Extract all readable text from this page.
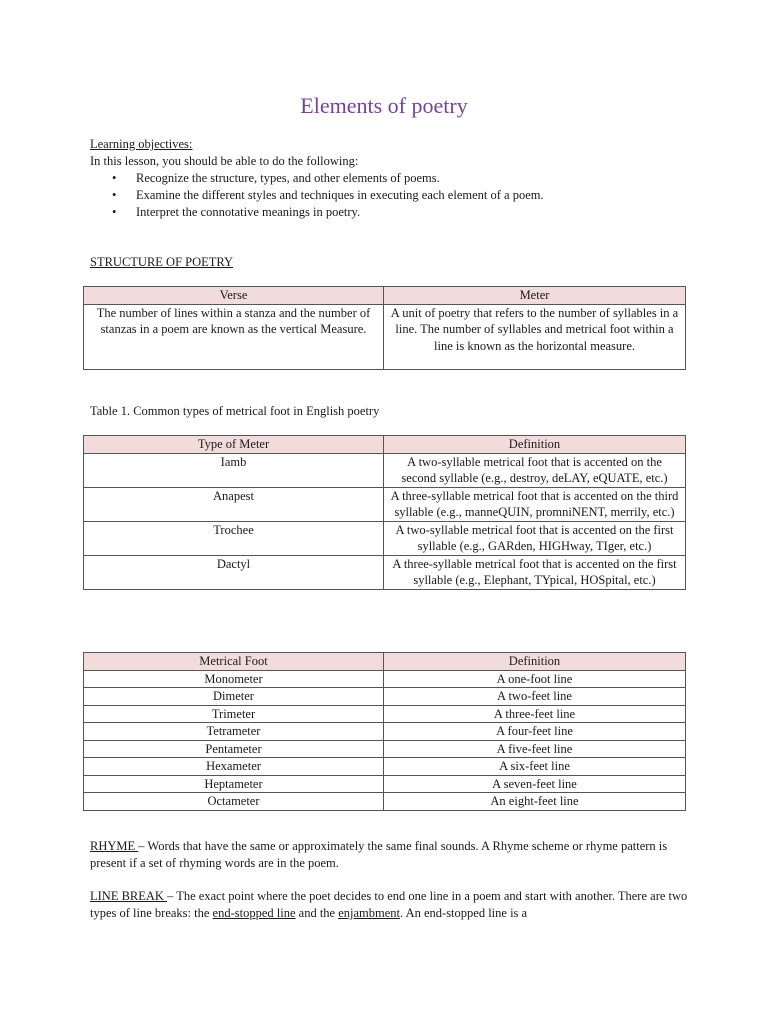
Elements of poetry
Learning objectives:
In this lesson, you should be able to do the following:
• Recognize the structure, types, and other elements of poems.
• Examine the different styles and techniques in executing each element of a poem.
• Interpret the connotative meanings in poetry.
STRUCTURE OF POETRY
Verse	Meter
The number of lines within a stanza and the number of stanzas in a poem are known as the vertical Measure.	A unit of poetry that refers to the number of syllables in a line. The number of syllables and metrical foot within a line is known as the horizontal measure.
Table 1. Common types of metrical foot in English poetry
Type of Meter	Definition
Iamb	A two-syllable metrical foot that is accented on the second syllable (e.g., destroy, deLAY, eQUATE, etc.)
Anapest	A three-syllable metrical foot that is accented on the third syllable (e.g., manneQUIN, promniNENT, merrily, etc.)
Trochee	A two-syllable metrical foot that is accented on the first syllable (e.g., GARden, HIGHway, TIger, etc.)
Dactyl	A three-syllable metrical foot that is accented on the first syllable (e.g., Elephant, TYpical, HOSpital, etc.)
Metrical Foot	Definition
Monometer	A one-foot line
Dimeter	A two-feet line
Trimeter	A three-feet line
Tetrameter	A four-feet line
Pentameter	A five-feet line
Hexameter	A six-feet line
Heptameter	A seven-feet line
Octameter	An eight-feet line
RHYME – Words that have the same or approximately the same final sounds. A Rhyme scheme or rhyme pattern is present if a set of rhyming words are in the poem.
LINE BREAK – The exact point where the poet decides to end one line in a poem and start with another. There are two types of line breaks: the end-stopped line and the enjambment. An end-stopped line is a
